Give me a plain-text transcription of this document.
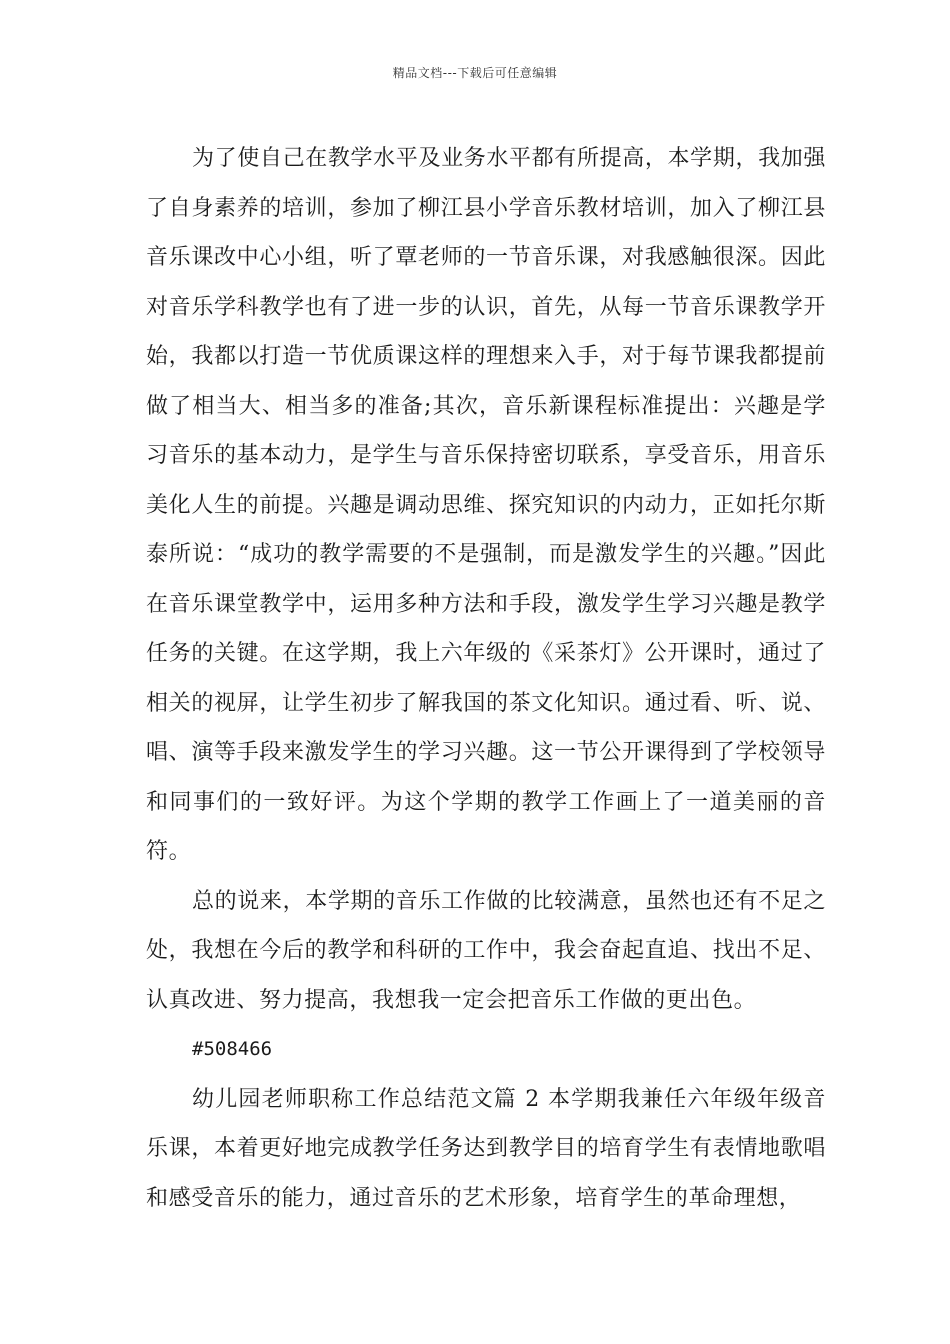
精品文档---下载后可任意编辑

为了使自己在教学水平及业务水平都有所提高，本学期，我加强了自身素养的培训，参加了柳江县小学音乐教材培训，加入了柳江县音乐课改中心小组，听了覃老师的一节音乐课，对我感触很深。因此对音乐学科教学也有了进一步的认识，首先，从每一节音乐课教学开始，我都以打造一节优质课这样的理想来入手，对于每节课我都提前做了相当大、相当多的准备;其次，音乐新课程标准提出：兴趣是学习音乐的基本动力，是学生与音乐保持密切联系，享受音乐，用音乐美化人生的前提。兴趣是调动思维、探究知识的内动力，正如托尔斯泰所说：“成功的教学需要的不是强制，而是激发学生的兴趣。”因此在音乐课堂教学中，运用多种方法和手段，激发学生学习兴趣是教学任务的关键。在这学期，我上六年级的《采茶灯》公开课时，通过了相关的视屏，让学生初步了解我国的茶文化知识。通过看、听、说、唱、演等手段来激发学生的学习兴趣。这一节公开课得到了学校领导和同事们的一致好评。为这个学期的教学工作画上了一道美丽的音符。

总的说来，本学期的音乐工作做的比较满意，虽然也还有不足之处，我想在今后的教学和科研的工作中，我会奋起直追、找出不足、认真改进、努力提高，我想我一定会把音乐工作做的更出色。

#508466

幼儿园老师职称工作总结范文篇 2 本学期我兼任六年级年级音乐课，本着更好地完成教学任务达到教学目的培育学生有表情地歌唱和感受音乐的能力，通过音乐的艺术形象，培育学生的革命理想，
